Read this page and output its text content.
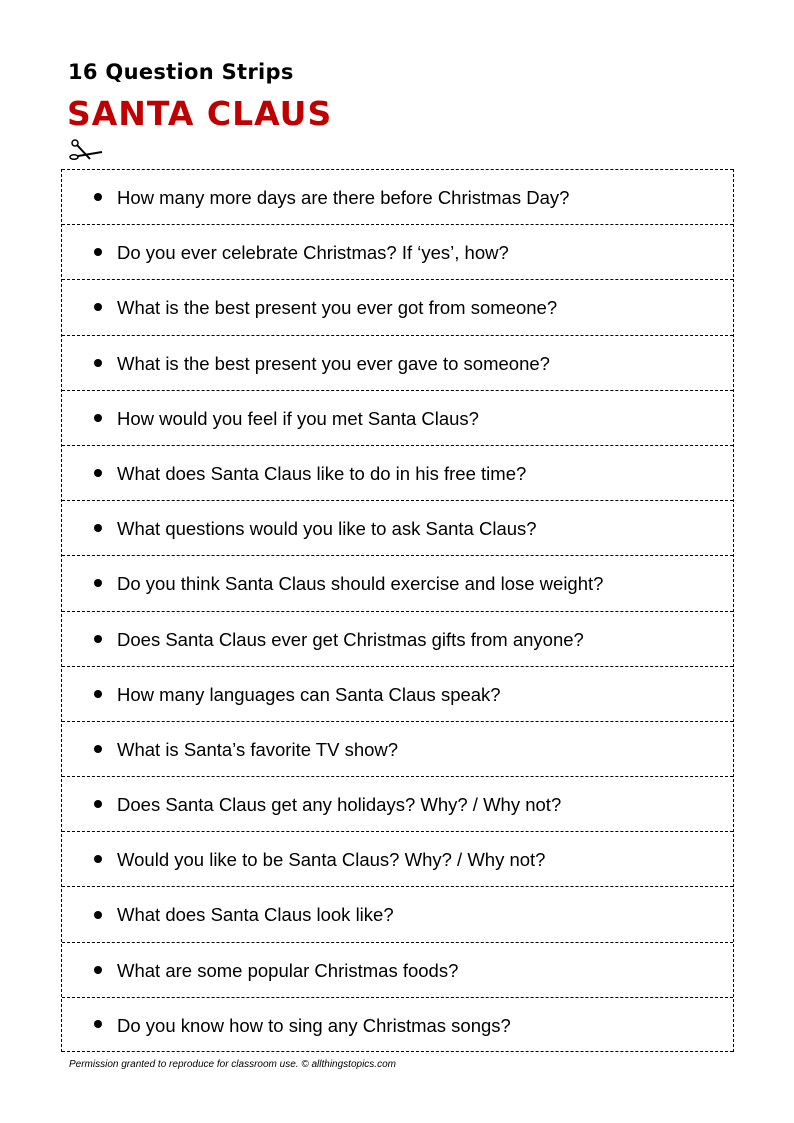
16 Question Strips
SANTA CLAUS
How many more days are there before Christmas Day?
Do you ever celebrate Christmas? If ‘yes’, how?
What is the best present you ever got from someone?
What is the best present you ever gave to someone?
How would you feel if you met Santa Claus?
What does Santa Claus like to do in his free time?
What questions would you like to ask Santa Claus?
Do you think Santa Claus should exercise and lose weight?
Does Santa Claus ever get Christmas gifts from anyone?
How many languages can Santa Claus speak?
What is Santa’s favorite TV show?
Does Santa Claus get any holidays? Why? / Why not?
Would you like to be Santa Claus? Why? / Why not?
What does Santa Claus look like?
What are some popular Christmas foods?
Do you know how to sing any Christmas songs?
Permission granted to reproduce for classroom use. © allthingstopics.com
